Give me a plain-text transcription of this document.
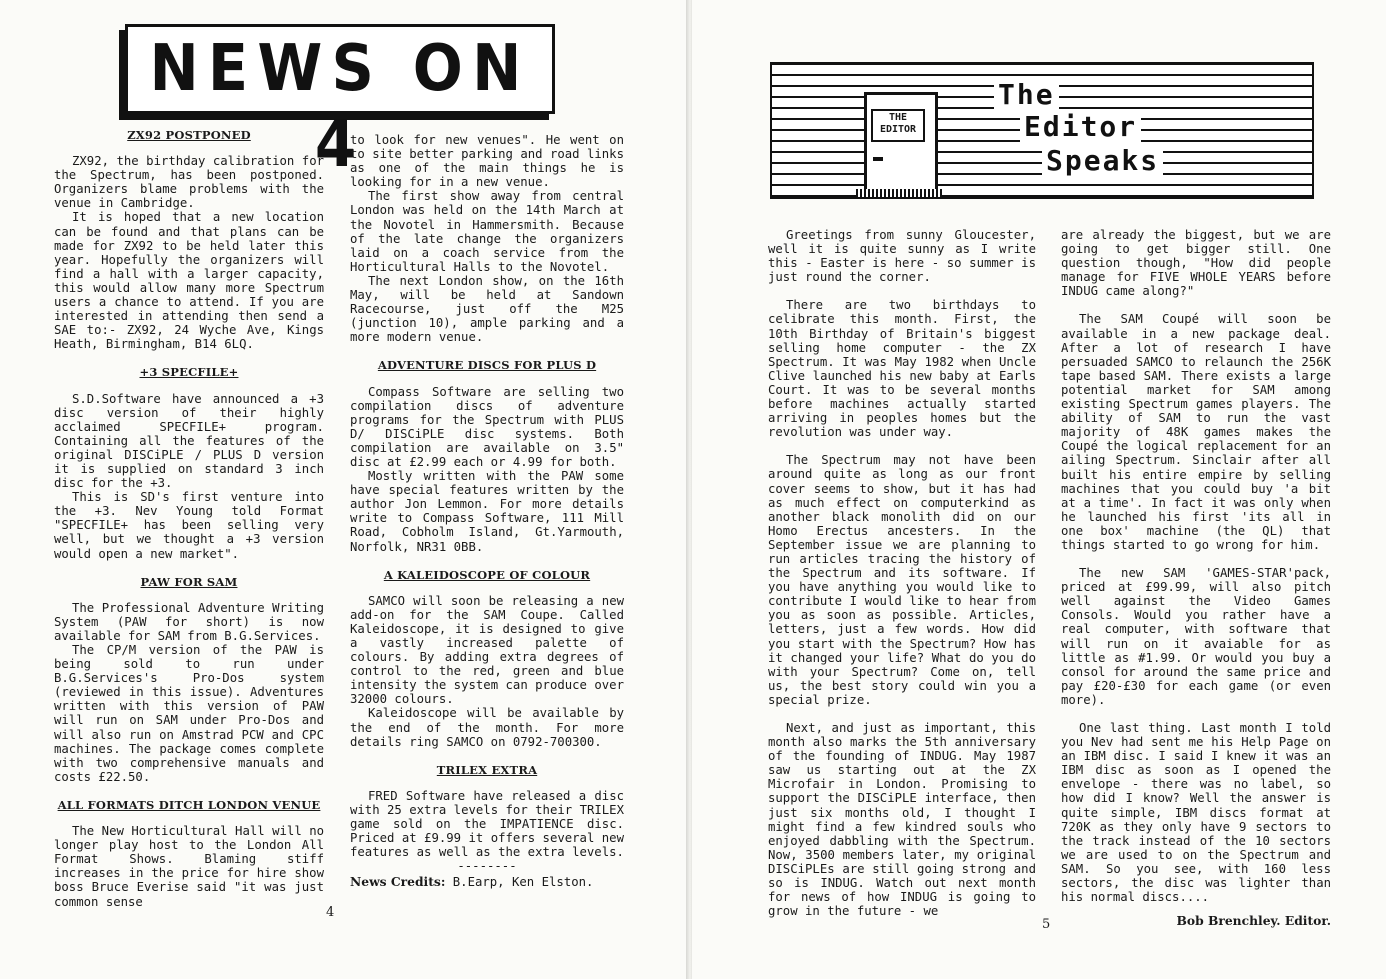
NEWS ON 4
ZX92 POSTPONED

ZX92, the birthday calibration for the Spectrum, has been postponed. Organizers blame problems with the venue in Cambridge.

It is hoped that a new location can be found and that plans can be made for ZX92 to be held later this year. Hopefully the organizers will find a hall with a larger capacity, this would allow many more Spectrum users a chance to attend. If you are interested in attending then send a SAE to:- ZX92, 24 Wyche Ave, Kings Heath, Birmingham, B14 6LQ.

+3 SPECFILE+

S.D.Software have announced a +3 disc version of their highly acclaimed SPECFILE+ program. Containing all the features of the original DISCiPLE / PLUS D version it is supplied on standard 3 inch disc for the +3.

This is SD's first venture into the +3. Nev Young told Format "SPECFILE+ has been selling very well, but we thought a +3 version would open a new market".

PAW FOR SAM

The Professional Adventure Writing System (PAW for short) is now available for SAM from B.G.Services.

The CP/M version of the PAW is being sold to run under B.G.Services's Pro-Dos system (reviewed in this issue). Adventures written with this version of PAW will run on SAM under Pro-Dos and will also run on Amstrad PCW and CPC machines. The package comes complete with two comprehensive manuals and costs £22.50.

ALL FORMATS DITCH LONDON VENUE

The New Horticultural Hall will no longer play host to the London All Format Shows. Blaming stiff increases in the price for hire show boss Bruce Everise said "it was just common sense

to look for new venues". He went on to site better parking and road links as one of the main things he is looking for in a new venue.

The first show away from central London was held on the 14th March at the Novotel in Hammersmith. Because of the late change the organizers laid on a coach service from the Horticultural Halls to the Novotel.

The next London show, on the 16th May, will be held at Sandown Racecourse, just off the M25 (junction 10), ample parking and a more modern venue.

ADVENTURE DISCS FOR PLUS D

Compass Software are selling two compilation discs of adventure programs for the Spectrum with PLUS D/ DISCiPLE disc systems. Both compilation are available on 3.5" disc at £2.99 each or 4.99 for both.

Mostly written with the PAW some have special features written by the author Jon Lemmon. For more details write to Compass Software, 111 Mill Road, Cobholm Island, Gt.Yarmouth, Norfolk, NR31 0BB.

A KALEIDOSCOPE OF COLOUR

SAMCO will soon be releasing a new add-on for the SAM Coupe. Called Kaleidoscope, it is designed to give a vastly increased palette of colours. By adding extra degrees of control to the red, green and blue intensity the system can produce over 32000 colours.

Kaleidoscope will be available by the end of the month. For more details ring SAMCO on 0792-700300.

TRILEX EXTRA

FRED Software have released a disc with 25 extra levels for their TRILEX game sold on the IMPATIENCE disc. Priced at £9.99 it offers several new features as well as the extra levels.

--------

News Credits: B.Earp, Ken Elston.

4
THE
EDITOR
The
Editor
Speaks

Greetings from sunny Gloucester, well it is quite sunny as I write this - Easter is here - so summer is just round the corner.

There are two birthdays to celibrate this month. First, the 10th Birthday of Britain's biggest selling home computer - the ZX Spectrum. It was May 1982 when Uncle Clive launched his new baby at Earls Court. It was to be several months before machines actually started arriving in peoples homes but the revolution was under way.

The Spectrum may not have been around quite as long as our front cover seems to show, but it has had as much effect on computerkind as another black monolith did on our Homo Erectus ancesters. In the September issue we are planning to run articles tracing the history of the Spectrum and its software. If you have anything you would like to contribute I would like to hear from you as soon as possible. Articles, letters, just a few words. How did you start with the Spectrum? How has it changed your life? What do you do with your Spectrum? Come on, tell us, the best story could win you a special prize.

Next, and just as important, this month also marks the 5th anniversary of the founding of INDUG. May 1987 saw us starting out at the ZX Microfair in London. Promising to support the DISCiPLE interface, then just six months old, I thought I might find a few kindred souls who enjoyed dabbling with the Spectrum. Now, 3500 members later, my original DISCiPLEs are still going strong and so is INDUG. Watch out next month for news of how INDUG is going to grow in the future - we

are already the biggest, but we are going to get bigger still. One question though, "How did people manage for FIVE WHOLE YEARS before INDUG came along?"

The SAM Coupé will soon be available in a new package deal. After a lot of research I have persuaded SAMCO to relaunch the 256K tape based SAM. There exists a large potential market for SAM among existing Spectrum games players. The ability of SAM to run the vast majority of 48K games makes the Coupé the logical replacement for an ailing Spectrum. Sinclair after all built his entire empire by selling machines that you could buy 'a bit at a time'. In fact it was only when he launched his first 'its all in one box' machine (the QL) that things started to go wrong for him.

The new SAM 'GAMES-STAR'pack, priced at £99.99, will also pitch well against the Video Games Consols. Would you rather have a real computer, with software that will run on it avaiable for as little as #1.99. Or would you buy a consol for around the same price and pay £20-£30 for each game (or even more).

One last thing. Last month I told you Nev had sent me his Help Page on an IBM disc. I said I knew it was an IBM disc as soon as I opened the envelope - there was no label, so how did I know? Well the answer is quite simple, IBM discs format at 720K as they only have 9 sectors to the track instead of the 10 sectors we are used to on the Spectrum and SAM. So you see, with 160 less sectors, the disc was lighter than his normal discs....

Bob Brenchley. Editor.

5
